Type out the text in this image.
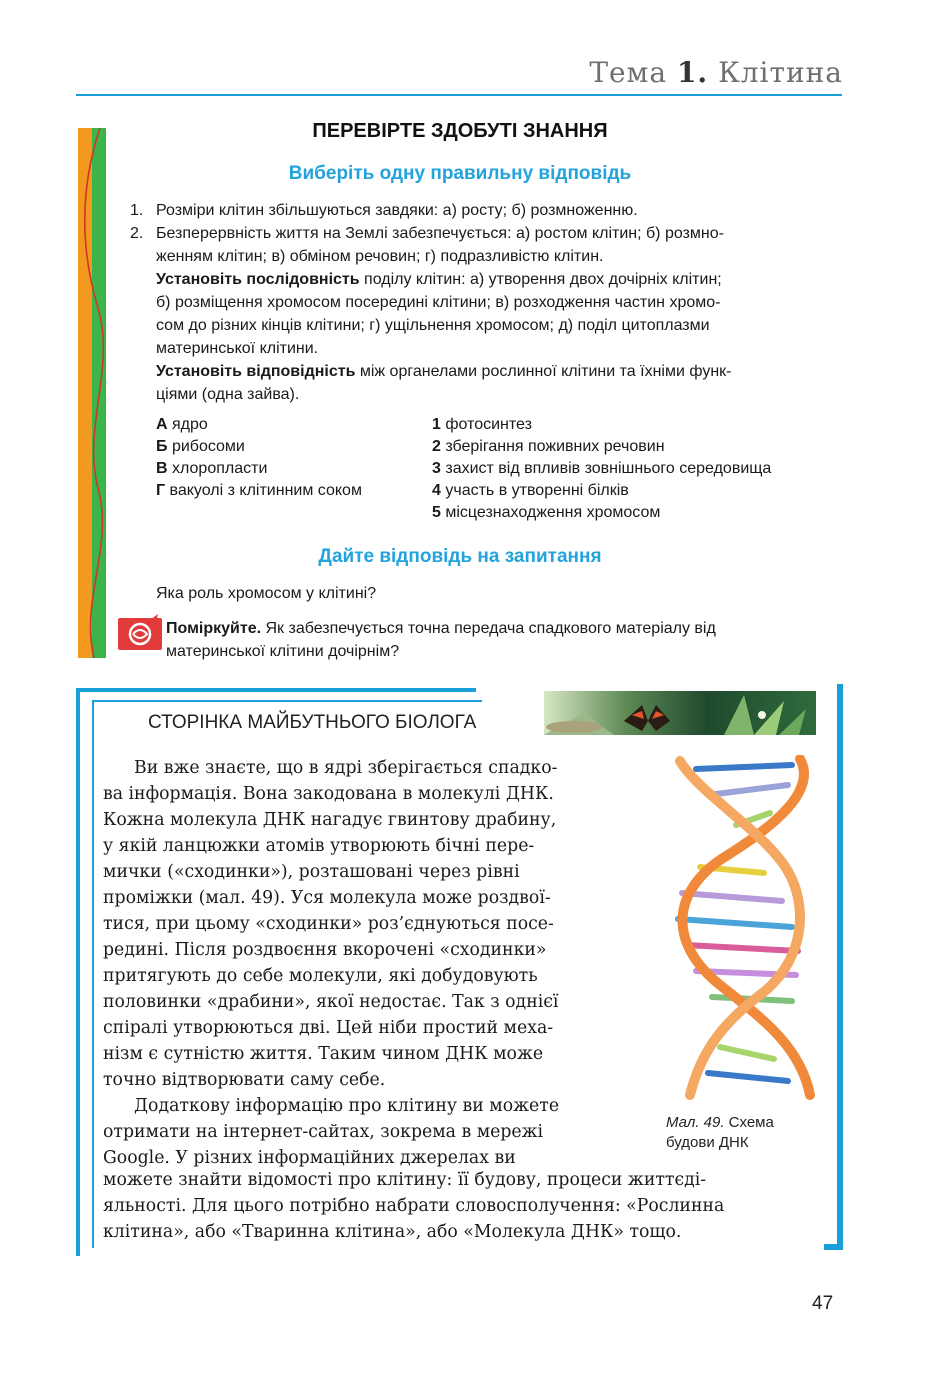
Тема 1. Клітина
ПЕРЕВІРТЕ ЗДОБУТІ ЗНАННЯ
Виберіть одну правильну відповідь
1. Розміри клітин збільшуються завдяки: а) росту; б) розмноженню.
2. Безперервність життя на Землі забезпечується: а) ростом клітин; б) розмно-
женням клітин; в) обміном речовин; г) подразливістю клітин.
Установіть послідовність поділу клітин: а) утворення двох дочірніх клітин;
б) розміщення хромосом посередині клітини; в) розходження частин хромо-
сом до різних кінців клітини; г) ущільнення хромосом; д) поділ цитоплазми
материнської клітини.
Установіть відповідність між органелами рослинної клітини та їхніми функ-
ціями (одна зайва).
А ядро
Б рибосоми
В хлоропласти
Г вакуолі з клітинним соком
1 фотосинтез
2 зберігання поживних речовин
3 захист від впливів зовнішнього середовища
4 участь в утворенні білків
5 місцезнаходження хромосом
Дайте відповідь на запитання
Яка роль хромосом у клітині?
Поміркуйте. Як забезпечується точна передача спадкового матеріалу від
материнської клітини дочірнім?
СТОРІНКА МАЙБУТНЬОГО БІОЛОГА
Ви вже знаєте, що в ядрі зберігається спадко-
ва інформація. Вона закодована в молекулі ДНК.
Кожна молекула ДНК нагадує гвинтову драбину,
у якій ланцюжки атомів утворюють бічні пере-
мички («сходинки»), розташовані через рівні
проміжки (мал. 49). Уся молекула може роздвої-
тися, при цьому «сходинки» роз’єднуються посе-
редині. Після роздвоєння вкорочені «сходинки»
притягують до себе молекули, які добудовують
половинки «драбини», якої недостає. Так з однієї
спіралі утворюються дві. Цей ніби простий меха-
нізм є сутністю життя. Таким чином ДНК може
точно відтворювати саму себе.
Додаткову інформацію про клітину ви можете
отримати на інтернет-сайтах, зокрема в мережі
Google. У різних інформаційних джерелах ви
можете знайти відомості про клітину: її будову, процеси життєді-
яльності. Для цього потрібно набрати словосполучення: «Рослинна
клітина», або «Тваринна клітина», або «Молекула ДНК» тощо.
Мал. 49. Схема
будови ДНК
47
